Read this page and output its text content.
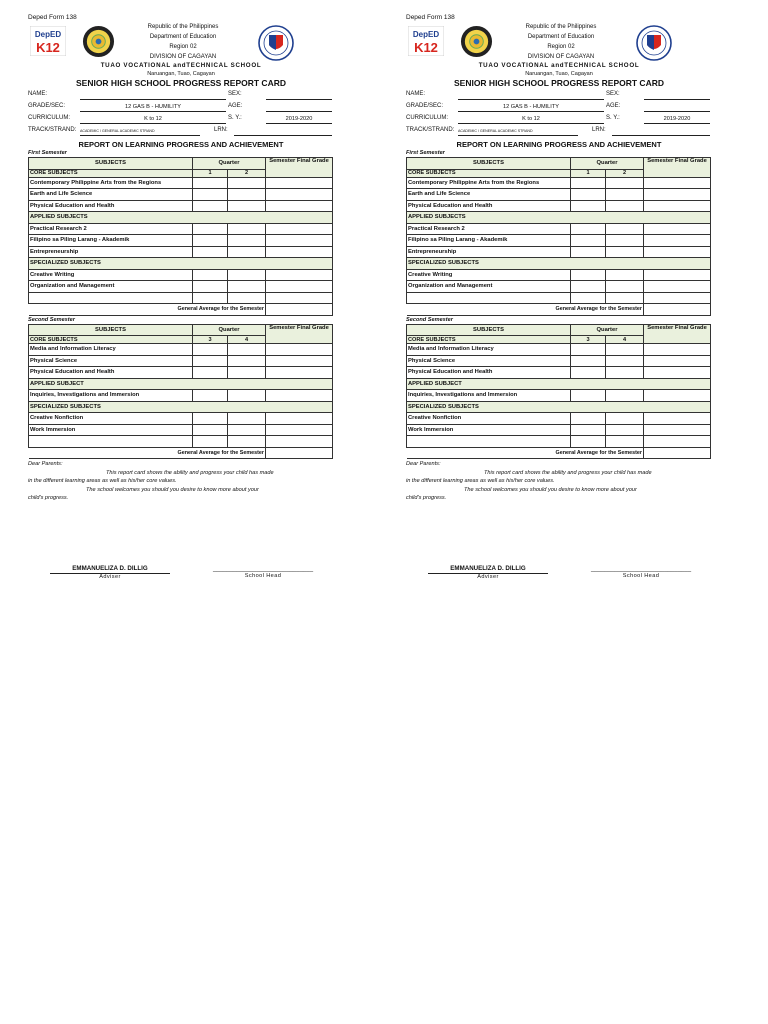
Deped Form 138
DepED
K12
Republic of the Philippines
Department of Education
Region 02
DIVISION OF CAGAYAN
TUAO VOCATIONAL andTECHNICAL SCHOOL
Naruangan, Tuao, Cagayan
SENIOR HIGH SCHOOL PROGRESS REPORT CARD
NAME:	SEX:
GRADE/SEC:	12 GAS B - HUMILITY	AGE:
CURRICULUM:	K to 12	S. Y.:	2019-2020
TRACK/STRAND: ACADEMIC / GENERAL ACADEMIC STRAND	LRN:
REPORT ON LEARNING PROGRESS AND ACHIEVEMENT
First Semester
SUBJECTS	Quarter		Semester Final Grade
CORE SUBJECTS	1	2	
Contemporary Philippine Arts from the Regions			
Earth and Life Science			
Physical Education and Health			
APPLIED SUBJECTS			
Practical Research 2			
Filipino sa Piling Larang - Akademik			
Entrepreneurship			
SPECIALIZED SUBJECTS			
Creative Writing			
Organization and Management			

General Average for the Semester			
Second Semester
SUBJECTS	Quarter		Semester Final Grade
CORE SUBJECTS	3	4	
Media and Information Literacy			
Physical Science			
Physical Education and Health			
APPLIED SUBJECT			
Inquiries, Investigations and Immersion			
SPECIALIZED SUBJECTS			
Creative Nonfiction			
Work Immersion			

General Average for the Semester			
Dear Parents:
This report card shows the ability and progress your child has made
in the different learning areas as well as his/her core values.
The school welcomes you should you desire to know more about your
child's progress.
EMMANUELIZA D. DILLIG
Adviser
______________________________
School Head
Deped Form 138
DepED
K12
Republic of the Philippines
Department of Education
Region 02
DIVISION OF CAGAYAN
TUAO VOCATIONAL andTECHNICAL SCHOOL
Naruangan, Tuao, Cagayan
SENIOR HIGH SCHOOL PROGRESS REPORT CARD
NAME:	SEX:
GRADE/SEC:	12 GAS B - HUMILITY	AGE:
CURRICULUM:	K to 12	S. Y.:	2019-2020
TRACK/STRAND: ACADEMIC / GENERAL ACADEMIC STRAND	LRN:
REPORT ON LEARNING PROGRESS AND ACHIEVEMENT
First Semester
SUBJECTS	Quarter		Semester Final Grade
CORE SUBJECTS	1	2	
Contemporary Philippine Arts from the Regions			
Earth and Life Science			
Physical Education and Health			
APPLIED SUBJECTS			
Practical Research 2			
Filipino sa Piling Larang - Akademik			
Entrepreneurship			
SPECIALIZED SUBJECTS			
Creative Writing			
Organization and Management			

General Average for the Semester			
Second Semester
SUBJECTS	Quarter		Semester Final Grade
CORE SUBJECTS	3	4	
Media and Information Literacy			
Physical Science			
Physical Education and Health			
APPLIED SUBJECT			
Inquiries, Investigations and Immersion			
SPECIALIZED SUBJECTS			
Creative Nonfiction			
Work Immersion			

General Average for the Semester			
Dear Parents:
This report card shows the ability and progress your child has made
in the different learning areas as well as his/her core values.
The school welcomes you should you desire to know more about your
child's progress.
EMMANUELIZA D. DILLIG
Adviser
______________________________
School Head
